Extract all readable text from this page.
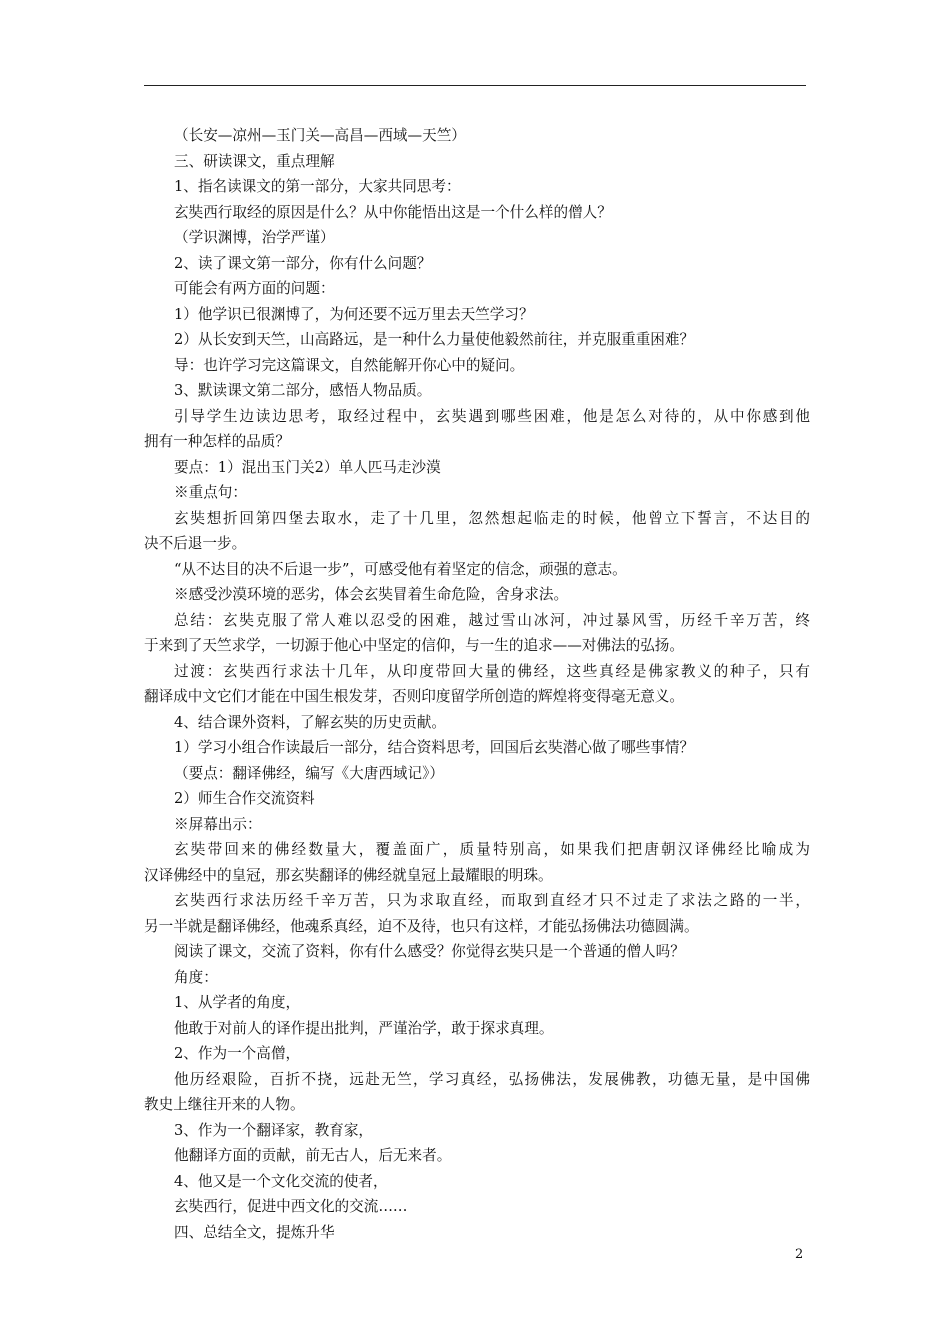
（长安—凉州—玉门关—高昌—西域—天竺）
三、研读课文，重点理解
1、指名读课文的第一部分，大家共同思考：
玄奘西行取经的原因是什么？从中你能悟出这是一个什么样的僧人？
（学识渊博，治学严谨）
2、读了课文第一部分，你有什么问题？
可能会有两方面的问题：
1）他学识已很渊博了，为何还要不远万里去天竺学习？
2）从长安到天竺，山高路远，是一种什么力量使他毅然前往，并克服重重困难？
导：也许学习完这篇课文，自然能解开你心中的疑问。
3、默读课文第二部分，感悟人物品质。
引导学生边读边思考，取经过程中，玄奘遇到哪些困难，他是怎么对待的，从中你感到他
拥有一种怎样的品质？
要点：1）混出玉门关2）单人匹马走沙漠
※重点句：
玄奘想折回第四堡去取水，走了十几里，忽然想起临走的时候，他曾立下誓言，不达目的
决不后退一步。
“从不达目的决不后退一步”，可感受他有着坚定的信念，顽强的意志。
※感受沙漠环境的恶劣，体会玄奘冒着生命危险，舍身求法。
总结：玄奘克服了常人难以忍受的困难，越过雪山冰河，冲过暴风雪，历经千辛万苦，终
于来到了天竺求学，一切源于他心中坚定的信仰，与一生的追求——对佛法的弘扬。
过渡：玄奘西行求法十几年，从印度带回大量的佛经，这些真经是佛家教义的种子，只有
翻译成中文它们才能在中国生根发芽，否则印度留学所创造的辉煌将变得毫无意义。
4、结合课外资料，了解玄奘的历史贡献。
1）学习小组合作读最后一部分，结合资料思考，回国后玄奘潜心做了哪些事情？
（要点：翻译佛经，编写《大唐西域记》）
2）师生合作交流资料
※屏幕出示：
玄奘带回来的佛经数量大，覆盖面广，质量特别高，如果我们把唐朝汉译佛经比喻成为
汉译佛经中的皇冠，那玄奘翻译的佛经就皇冠上最耀眼的明珠。
玄奘西行求法历经千辛万苦，只为求取直经，而取到直经才只不过走了求法之路的一半，
另一半就是翻译佛经，他魂系真经，迫不及待，也只有这样，才能弘扬佛法功德圆满。
阅读了课文，交流了资料，你有什么感受？你觉得玄奘只是一个普通的僧人吗？
角度：
1、从学者的角度，
他敢于对前人的译作提出批判，严谨治学，敢于探求真理。
2、作为一个高僧，
他历经艰险，百折不挠，远赴无竺，学习真经，弘扬佛法，发展佛教，功德无量，是中国佛
教史上继往开来的人物。
3、作为一个翻译家，教育家，
他翻译方面的贡献，前无古人，后无来者。
4、他又是一个文化交流的使者，
玄奘西行，促进中西文化的交流……
四、总结全文，提炼升华
2
